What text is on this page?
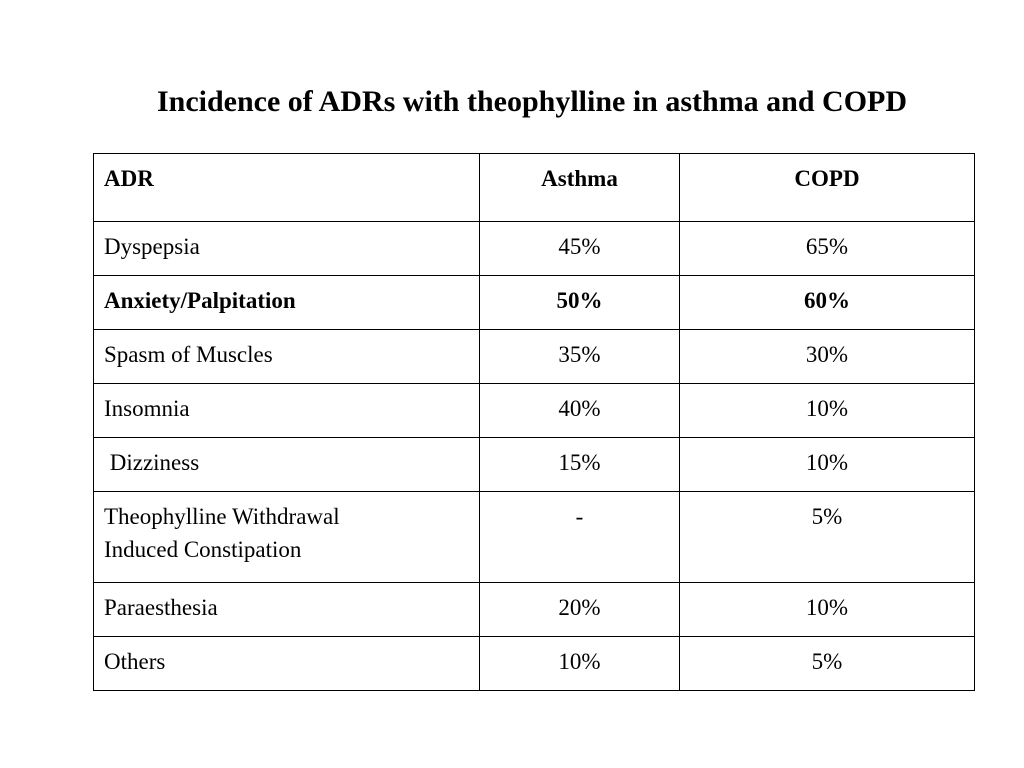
Incidence of ADRs with theophylline in asthma and COPD
ADR	Asthma	COPD
Dyspepsia	45%	65%
Anxiety/Palpitation	50%	60%
Spasm of Muscles	35%	30%
Insomnia	40%	10%
Dizziness	15%	10%
Theophylline Withdrawal
Induced Constipation	-	5%
Paraesthesia	20%	10%
Others	10%	5%
